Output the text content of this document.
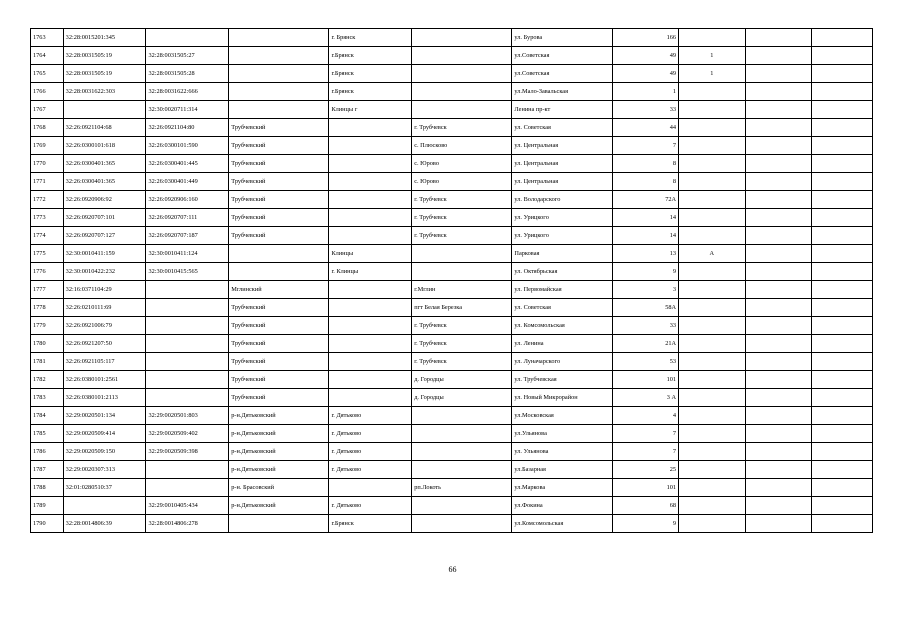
1763	32:28:0015201:345			г. Брянск		ул. Бурова	166			
1764	32:28:0031505:19	32:28:0031505:27		г.Брянск		ул.Советская	49	1		
1765	32:28:0031505:19	32:28:0031505:28		г.Брянск		ул.Советская	49	1		
1766	32:28:0031622:303	32:28:0031622:666		г.Брянск		ул.Мало-Завальская	1			
1767		32:30:0020711:314		Клинцы г		Ленина пр-кт	33			
1768	32:26:0921104:68	32:26:0921104:80	Трубчевский		г. Трубчевск	ул. Советская	44			
1769	32:26:0300101:618	32:26:0300101:590	Трубчевский		с. Плюсково	ул. Центральная	7			
1770	32:26:0300401:365	32:26:0300401:445	Трубчевский		с. Юрово	ул. Центральная	8			
1771	32:26:0300401:365	32:26:0300401:449	Трубчевский		с. Юрово	ул. Центральная	8			
1772	32:26:0920906:92	32:26:0920906:160	Трубчевский		г. Трубчевск	ул. Володарского	72А			
1773	32:26:0920707:101	32:26:0920707:111	Трубчевский		г. Трубчевск	ул. Урицкого	14			
1774	32:26:0920707:127	32:26:0920707:187	Трубчевский		г. Трубчевск	ул. Урицкого	14			
1775	32:30:0010411:159	32:30:0010411:124		Клинцы		Парковая	13	А		
1776	32:30:0010422:232	32:30:0010415:565		г. Клинцы		ул. Октябрьская	9			
1777	32:16:0371104:29		Мглинский		г.Мглин	ул. Первомайская	3			
1778	32:26:0210111:69		Трубчевский		пгт Белая Березка	ул. Советская	58А			
1779	32:26:0921006:79		Трубчевский		г. Трубчевск	ул. Комсомольская	33			
1780	32:26:0921207:50		Трубчевский		г. Трубчевск	ул. Ленина	21А			
1781	32:26:0921105:117		Трубчевский		г. Трубчевск	ул. Луначарского	53			
1782	32:26:0380101:2561		Трубчевский		д. Городцы	ул. Трубчевская	101			
1783	32:26:0380101:2113		Трубчевский		д. Городцы	ул. Новый Микрорайон	3 А			
1784	32:29:0020501:134	32:29:0020501:803	р-н.Дятьковский	г. Дятьково		ул.Московская	4			
1785	32:29:0020509:414	32:29:0020509:402	р-н.Дятьковский	г. Дятьково		ул.Ульянова	7			
1786	32:29:0020509:150	32:29:0020509:398	р-н.Дятьковский	г. Дятьково		ул. Ульянова	7			
1787	32:29:0020307:313		р-н.Дятьковский	г. Дятьково		ул.Базарная	25			
1788	32:01:0280510:37		р-н. Брасовский		рп.Локоть	ул.Маркова	101			
1789		32:29:0010405:434	р-н.Дятьковский	г. Дятьково		ул.Фокина	68			
1790	32:28:0014806:39	32:28:0014806:278		г.Брянск		ул.Комсомольская	9			
66
